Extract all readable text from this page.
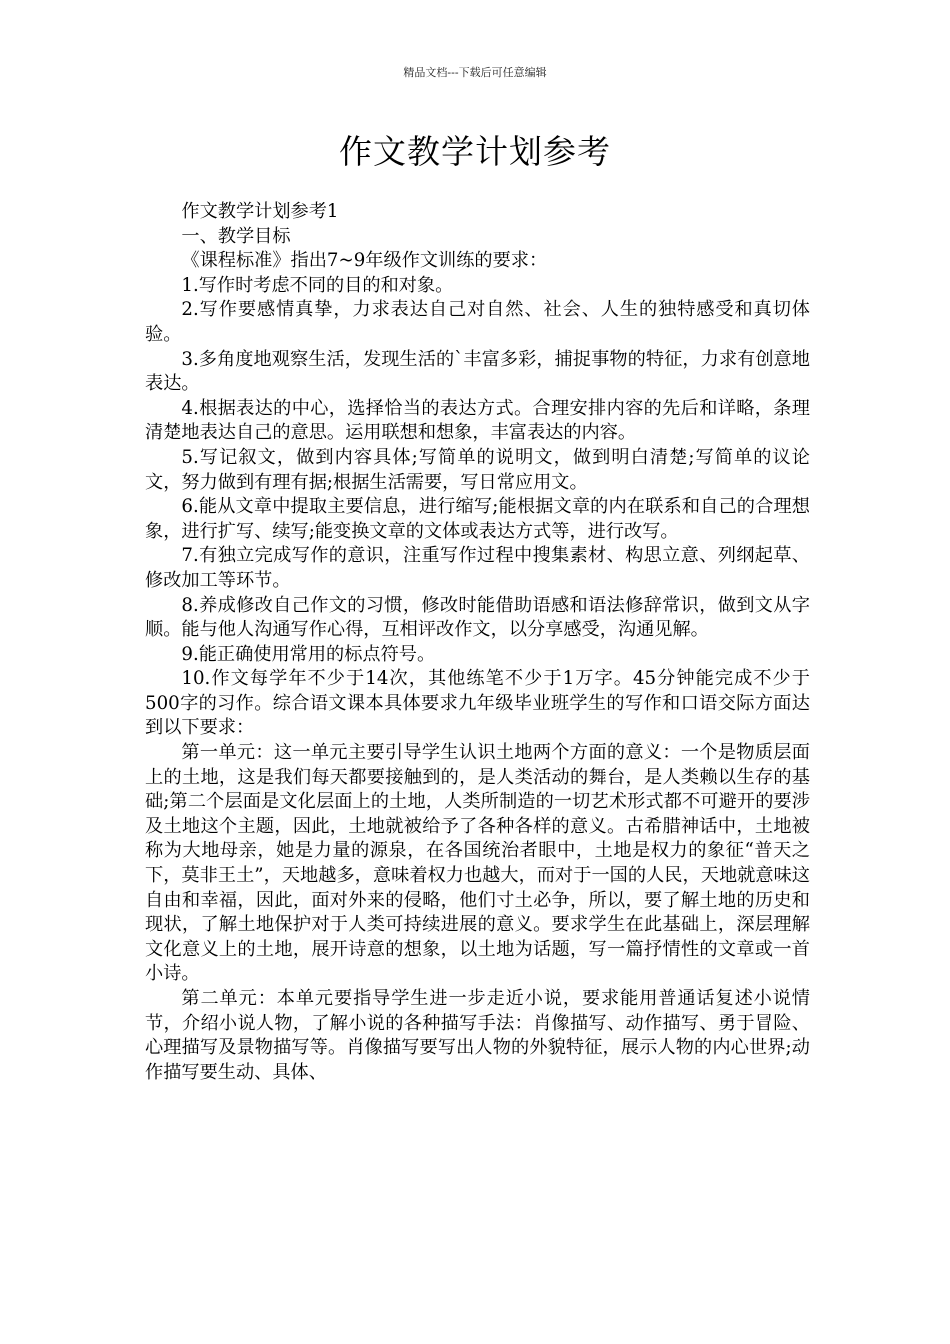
精品文档---下载后可任意编辑
作文教学计划参考

作文教学计划参考1

一、教学目标

《课程标准》指出7~9年级作文训练的要求：

1.写作时考虑不同的目的和对象。

2.写作要感情真挚，力求表达自己对自然、社会、人生的独特感受和真切体验。

3.多角度地观察生活，发现生活的`丰富多彩，捕捉事物的特征，力求有创意地表达。

4.根据表达的中心，选择恰当的表达方式。合理安排内容的先后和详略，条理清楚地表达自己的意思。运用联想和想象，丰富表达的内容。

5.写记叙文，做到内容具体;写简单的说明文，做到明白清楚;写简单的议论文，努力做到有理有据;根据生活需要，写日常应用文。

6.能从文章中提取主要信息，进行缩写;能根据文章的内在联系和自己的合理想象，进行扩写、续写;能变换文章的文体或表达方式等，进行改写。

7.有独立完成写作的意识，注重写作过程中搜集素材、构思立意、列纲起草、修改加工等环节。

8.养成修改自己作文的习惯，修改时能借助语感和语法修辞常识，做到文从字顺。能与他人沟通写作心得，互相评改作文，以分享感受，沟通见解。

9.能正确使用常用的标点符号。

10.作文每学年不少于14次，其他练笔不少于1万字。45分钟能完成不少于500字的习作。综合语文课本具体要求九年级毕业班学生的写作和口语交际方面达到以下要求：

第一单元：这一单元主要引导学生认识土地两个方面的意义：一个是物质层面上的土地，这是我们每天都要接触到的，是人类活动的舞台，是人类赖以生存的基础;第二个层面是文化层面上的土地，人类所制造的一切艺术形式都不可避开的要涉及土地这个主题，因此，土地就被给予了各种各样的意义。古希腊神话中，土地被称为大地母亲，她是力量的源泉，在各国统治者眼中，土地是权力的象征“普天之下，莫非王土”，天地越多，意味着权力也越大，而对于一国的人民，天地就意味这自由和幸福，因此，面对外来的侵略，他们寸土必争，所以，要了解土地的历史和现状，了解土地保护对于人类可持续进展的意义。要求学生在此基础上，深层理解文化意义上的土地，展开诗意的想象，以土地为话题，写一篇抒情性的文章或一首小诗。

第二单元：本单元要指导学生进一步走近小说，要求能用普通话复述小说情节，介绍小说人物，了解小说的各种描写手法：肖像描写、动作描写、勇于冒险、心理描写及景物描写等。肖像描写要写出人物的外貌特征，展示人物的内心世界;动作描写要生动、具体、
